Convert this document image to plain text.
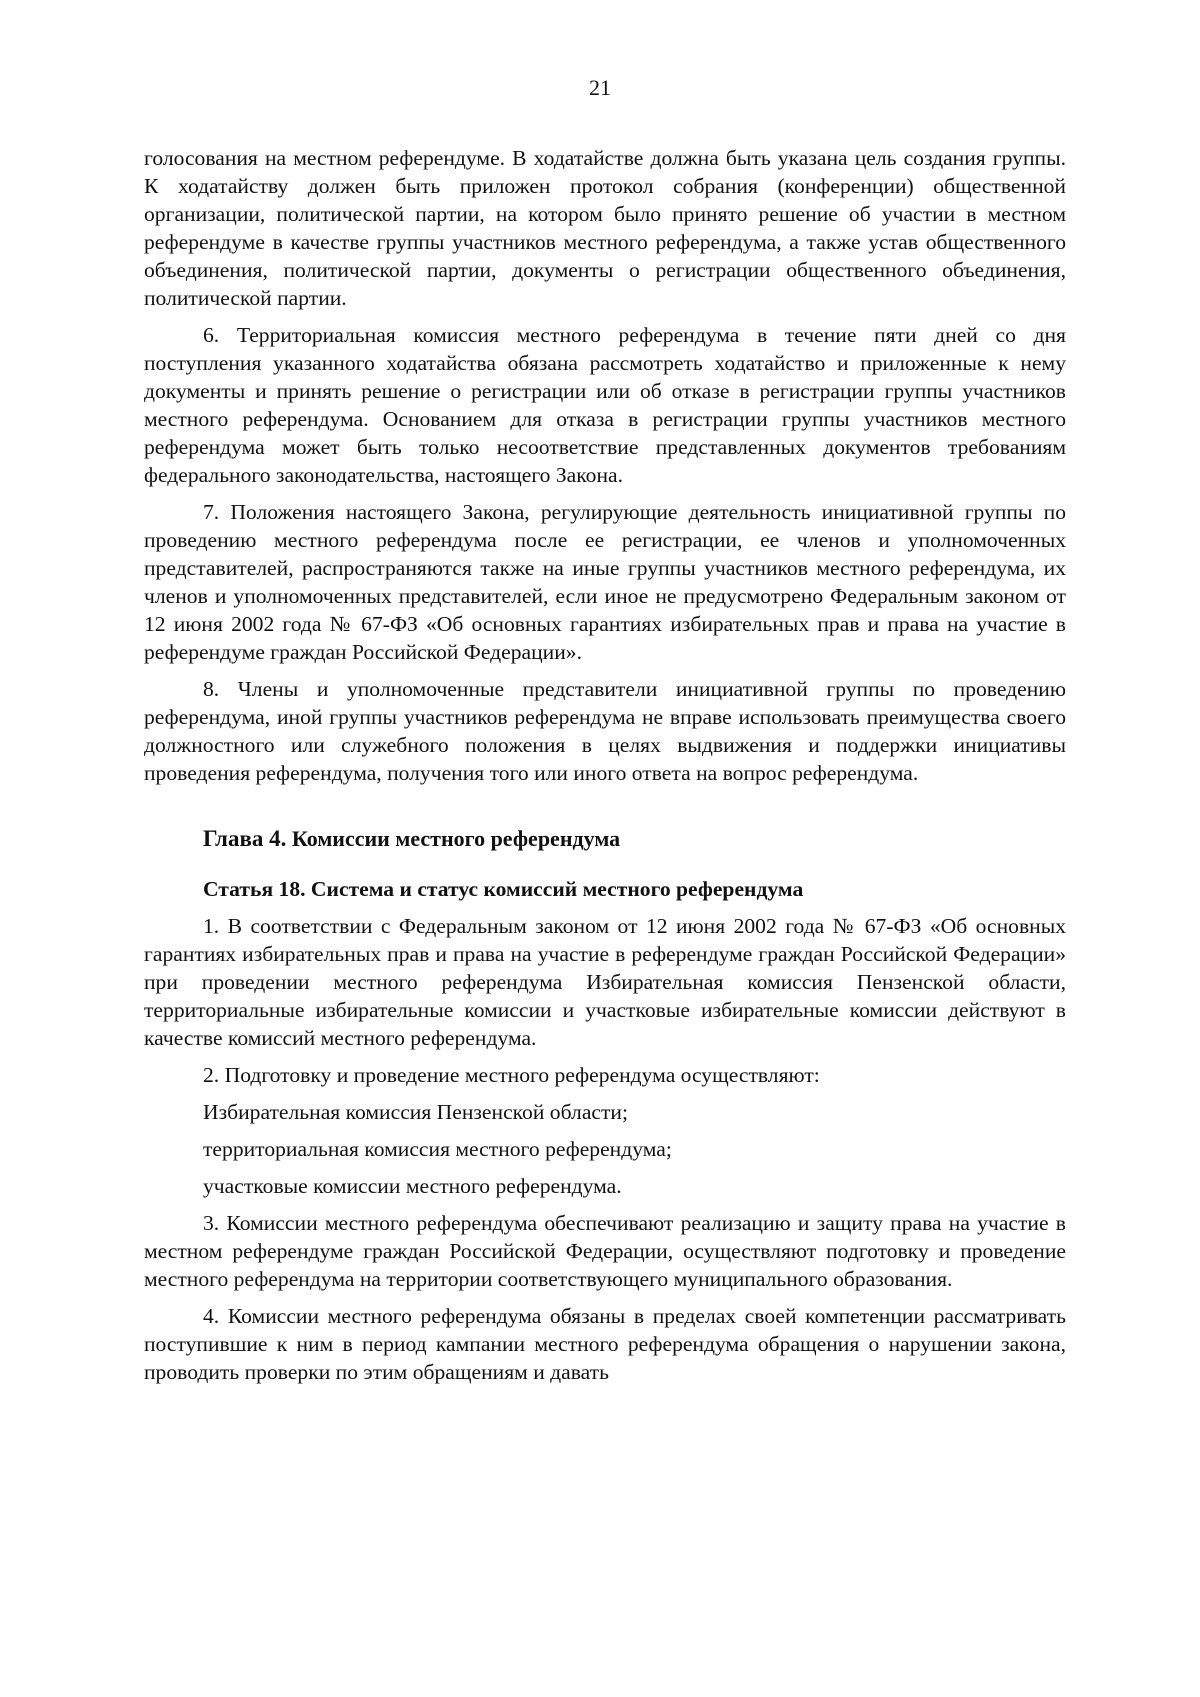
21

голосования на местном референдуме. В ходатайстве должна быть указана цель создания группы. К ходатайству должен быть приложен протокол собрания (конференции) общественной организации, политической партии, на котором было принято решение об участии в местном референдуме в качестве группы участников местного референдума, а также устав общественного объединения, политической партии, документы о регистрации общественного объединения, политической партии.

6. Территориальная комиссия местного референдума в течение пяти дней со дня поступления указанного ходатайства обязана рассмотреть ходатайство и приложенные к нему документы и принять решение о регистрации или об отказе в регистрации группы участников местного референдума. Основанием для отказа в регистрации группы участников местного референдума может быть только несоответствие представленных документов требованиям федерального законодательства, настоящего Закона.

7. Положения настоящего Закона, регулирующие деятельность инициативной группы по проведению местного референдума после ее регистрации, ее членов и уполномоченных представителей, распространяются также на иные группы участников местного референдума, их членов и уполномоченных представителей, если иное не предусмотрено Федеральным законом от 12 июня 2002 года № 67-ФЗ «Об основных гарантиях избирательных прав и права на участие в референдуме граждан Российской Федерации».

8. Члены и уполномоченные представители инициативной группы по проведению референдума, иной группы участников референдума не вправе использовать преимущества своего должностного или служебного положения в целях выдвижения и поддержки инициативы проведения референдума, получения того или иного ответа на вопрос референдума.

Глава 4. Комиссии местного референдума

Статья 18. Система и статус комиссий местного референдума

1. В соответствии с Федеральным законом от 12 июня 2002 года № 67-ФЗ «Об основных гарантиях избирательных прав и права на участие в референдуме граждан Российской Федерации» при проведении местного референдума Избирательная комиссия Пензенской области, территориальные избирательные комиссии и участковые избирательные комиссии действуют в качестве комиссий местного референдума.

2. Подготовку и проведение местного референдума осуществляют:

Избирательная комиссия Пензенской области;

территориальная комиссия местного референдума;

участковые комиссии местного референдума.

3. Комиссии местного референдума обеспечивают реализацию и защиту права на участие в местном референдуме граждан Российской Федерации, осуществляют подготовку и проведение местного референдума на территории соответствующего муниципального образования.

4. Комиссии местного референдума обязаны в пределах своей компетенции рассматривать поступившие к ним в период кампании местного референдума обращения о нарушении закона, проводить проверки по этим обращениям и давать
